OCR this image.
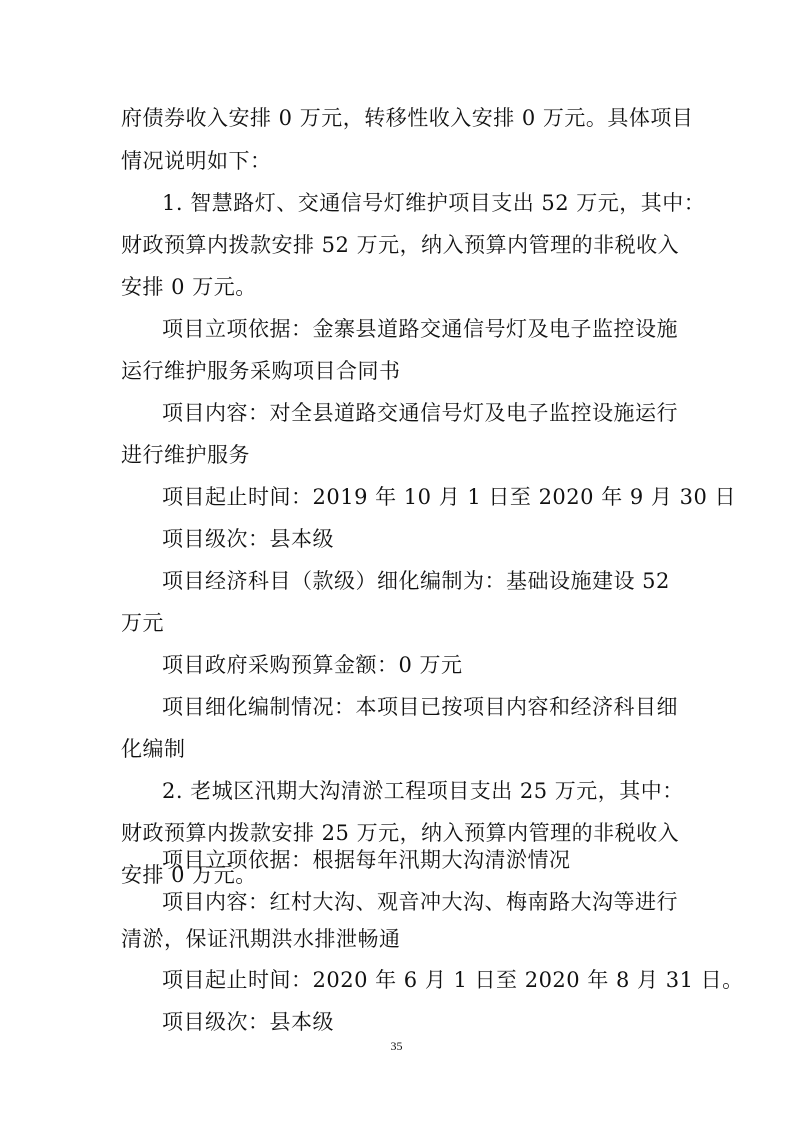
府债券收入安排 0 万元，转移性收入安排 0 万元。具体项目

情况说明如下：

1. 智慧路灯、交通信号灯维护项目支出 52 万元，其中：

财政预算内拨款安排 52 万元，纳入预算内管理的非税收入

安排 0 万元。

项目立项依据：金寨县道路交通信号灯及电子监控设施

运行维护服务采购项目合同书

项目内容：对全县道路交通信号灯及电子监控设施运行

进行维护服务

项目起止时间：2019 年 10 月 1 日至 2020 年 9 月 30 日

项目级次：县本级

项目经济科目（款级）细化编制为：基础设施建设 52

万元

项目政府采购预算金额：0 万元

项目细化编制情况：本项目已按项目内容和经济科目细

化编制

2. 老城区汛期大沟清淤工程项目支出 25 万元，其中：

财政预算内拨款安排 25 万元，纳入预算内管理的非税收入

安排 0 万元。

项目立项依据：根据每年汛期大沟清淤情况

项目内容：红村大沟、观音冲大沟、梅南路大沟等进行

清淤，保证汛期洪水排泄畅通

35

项目起止时间：2020 年 6 月 1 日至 2020 年 8 月 31 日。

项目级次：县本级
